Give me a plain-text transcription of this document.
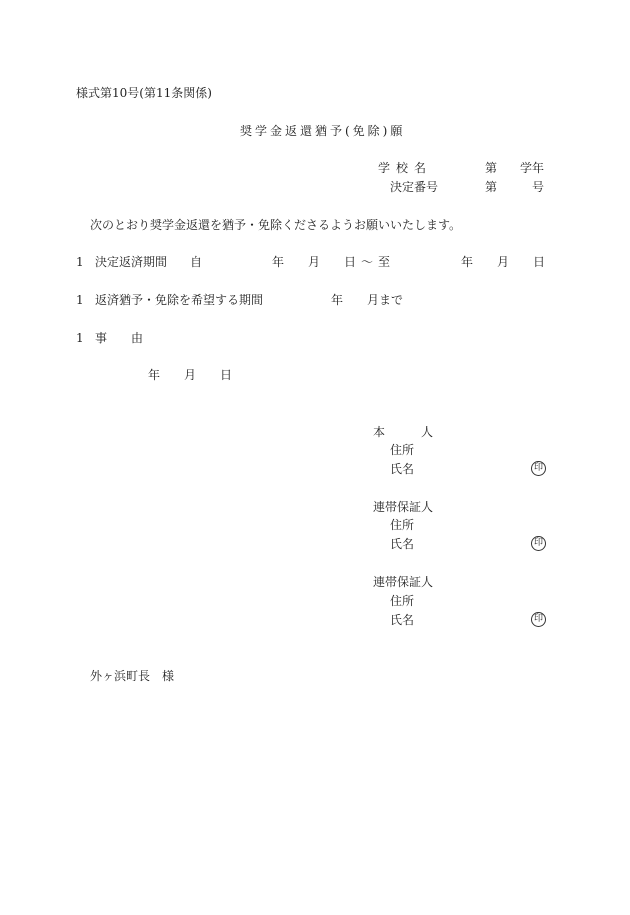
様式第10号(第11条関係)
奨学金返還猶予(免除)願
学校名	第 学年
決定番号	第	号
次のとおり奨学金返還を猶予・免除くださるようお願いいたします。
1 決定返済期間 自	年 月 日 ～ 至	年 月 日
1 返済猶予・免除を希望する期間	年 月まで
1 事 由
年 月 日
本	人
住所
氏名	印
連帯保証人
住所
氏名	印
連帯保証人
住所
氏名	印
外ヶ浜町長　様
